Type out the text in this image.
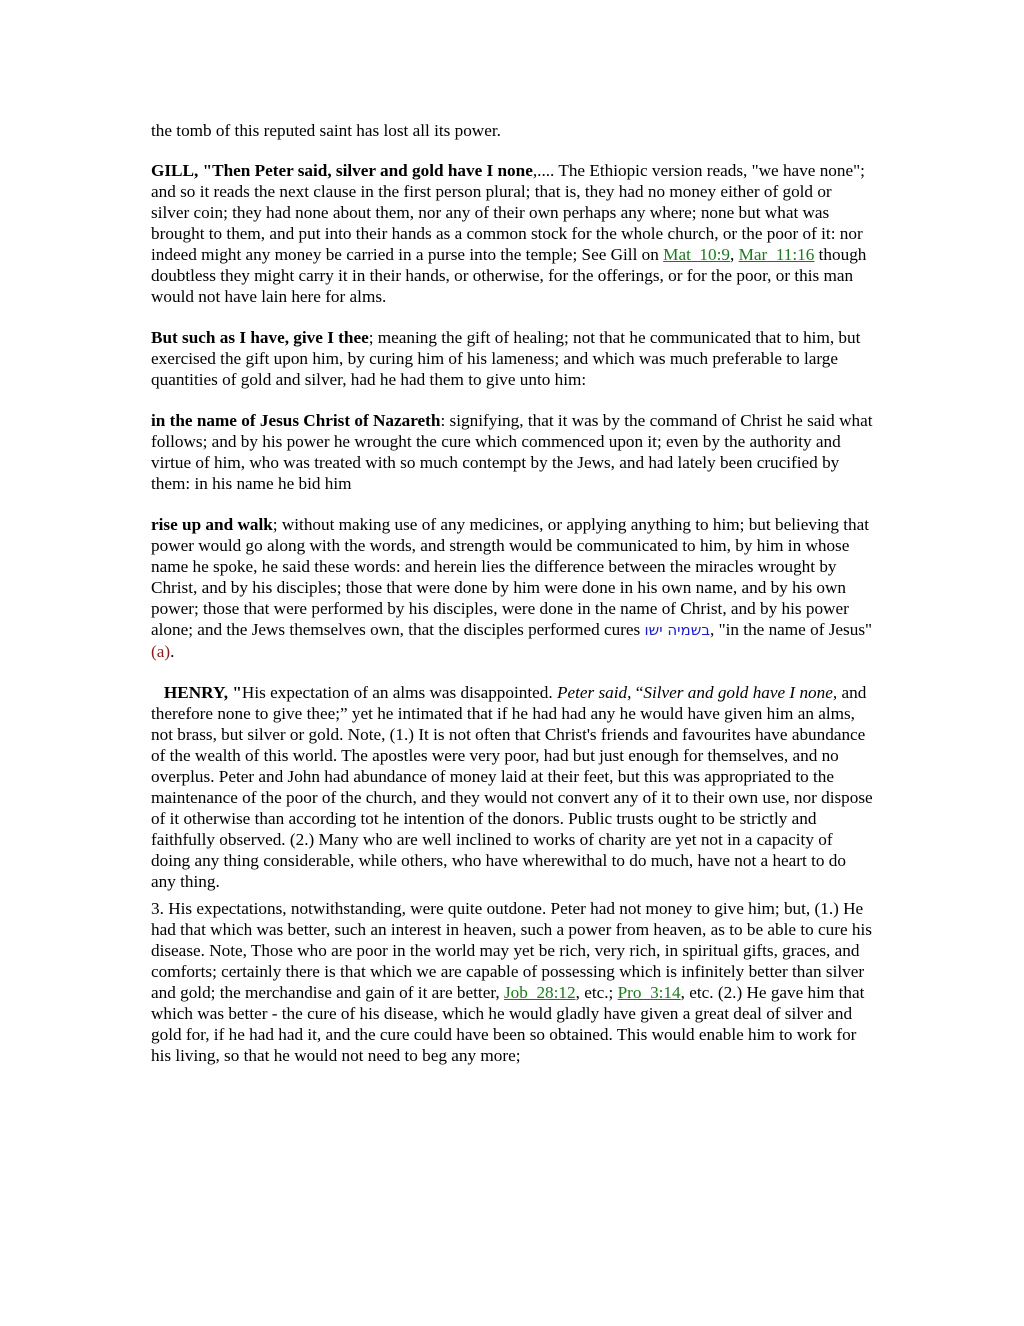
the tomb of this reputed saint has lost all its power.

GILL, "Then Peter said, silver and gold have I none,.... The Ethiopic version reads, "we have none"; and so it reads the next clause in the first person plural; that is, they had no money either of gold or silver coin; they had none about them, nor any of their own perhaps any where; none but what was brought to them, and put into their hands as a common stock for the whole church, or the poor of it: nor indeed might any money be carried in a purse into the temple; See Gill on Mat_10:9, Mar_11:16 though doubtless they might carry it in their hands, or otherwise, for the offerings, or for the poor, or this man would not have lain here for alms.

But such as I have, give I thee; meaning the gift of healing; not that he communicated that to him, but exercised the gift upon him, by curing him of his lameness; and which was much preferable to large quantities of gold and silver, had he had them to give unto him:

in the name of Jesus Christ of Nazareth: signifying, that it was by the command of Christ he said what follows; and by his power he wrought the cure which commenced upon it; even by the authority and virtue of him, who was treated with so much contempt by the Jews, and had lately been crucified by them: in his name he bid him

rise up and walk; without making use of any medicines, or applying anything to him; but believing that power would go along with the words, and strength would be communicated to him, by him in whose name he spoke, he said these words: and herein lies the difference between the miracles wrought by Christ, and by his disciples; those that were done by him were done in his own name, and by his own power; those that were performed by his disciples, were done in the name of Christ, and by his power alone; and the Jews themselves own, that the disciples performed cures בשמיה ישו, "in the name of Jesus" (a).

HENRY, "His expectation of an alms was disappointed. Peter said, “Silver and gold have I none, and therefore none to give thee;” yet he intimated that if he had had any he would have given him an alms, not brass, but silver or gold. Note, (1.) It is not often that Christ's friends and favourites have abundance of the wealth of this world. The apostles were very poor, had but just enough for themselves, and no overplus. Peter and John had abundance of money laid at their feet, but this was appropriated to the maintenance of the poor of the church, and they would not convert any of it to their own use, nor dispose of it otherwise than according tot he intention of the donors. Public trusts ought to be strictly and faithfully observed. (2.) Many who are well inclined to works of charity are yet not in a capacity of doing any thing considerable, while others, who have wherewithal to do much, have not a heart to do any thing.

3. His expectations, notwithstanding, were quite outdone. Peter had not money to give him; but, (1.) He had that which was better, such an interest in heaven, such a power from heaven, as to be able to cure his disease. Note, Those who are poor in the world may yet be rich, very rich, in spiritual gifts, graces, and comforts; certainly there is that which we are capable of possessing which is infinitely better than silver and gold; the merchandise and gain of it are better, Job_28:12, etc.; Pro_3:14, etc. (2.) He gave him that which was better - the cure of his disease, which he would gladly have given a great deal of silver and gold for, if he had had it, and the cure could have been so obtained. This would enable him to work for his living, so that he would not need to beg any more;
